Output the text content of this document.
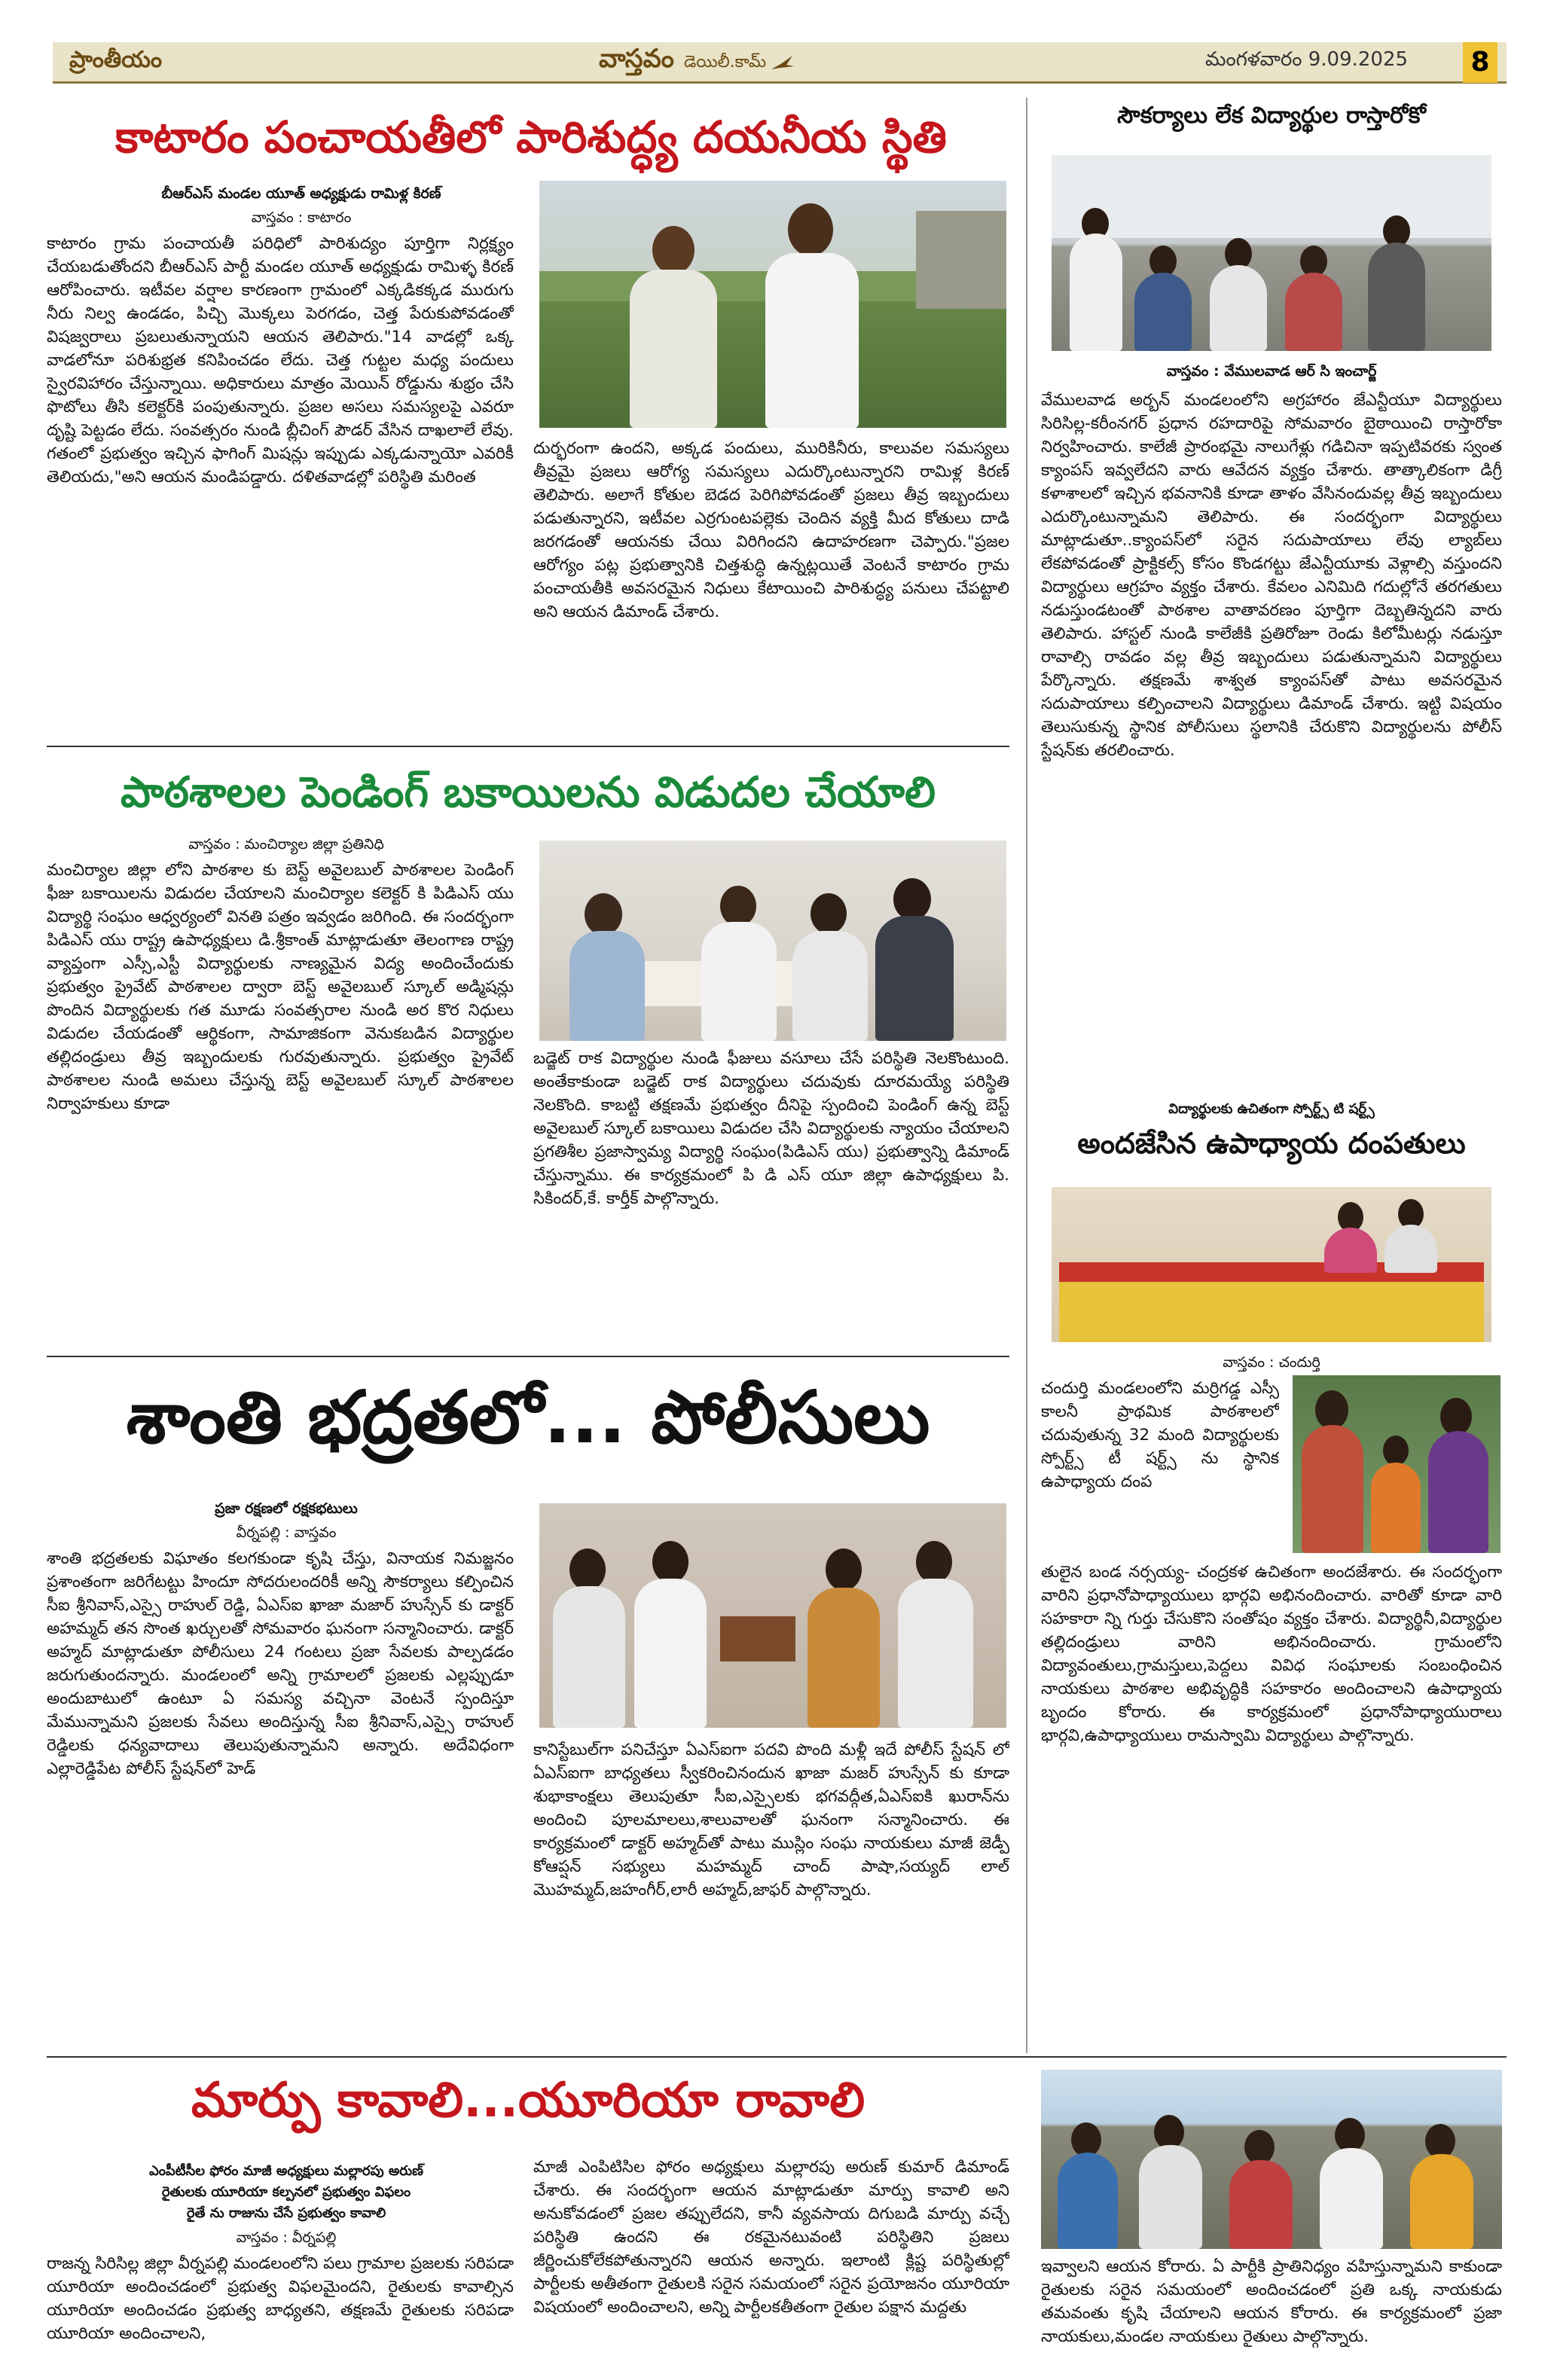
ప్రాంతీయం	వాస్తవం డెయిలీ.కామ్	మంగళవారం 9.09.2025 8
కాటారం పంచాయతీలో పారిశుద్ధ్య దయనీయ స్థితి
బీఆర్ఎస్ మండల యూత్ అధ్యక్షుడు రామిళ్ల కిరణ్
వాస్తవం : కాటారం
కాటారం గ్రామ పంచాయతీ పరిధిలో పారిశుద్యం పూర్తిగా నిర్లక్ష్యం చేయబడుతోందని బీఆర్ఎస్ పార్టీ మండల యూత్ అధ్యక్షుడు రామిళ్ళ కిరణ్ ఆరోపించారు. ఇటీవల వర్షాల కారణంగా గ్రామంలో ఎక్కడికక్కడ మురుగు నీరు నిల్వ ఉండడం, పిచ్చి మొక్కలు పెరగడం, చెత్త పేరుకుపోవడంతో విషజ్వరాలు ప్రబలుతున్నాయని ఆయన తెలిపారు."14 వాడల్లో ఒక్క వాడలోనూ పరిశుభ్రత కనిపించడం లేదు. చెత్త గుట్టల మధ్య పందులు స్వైరవిహారం చేస్తున్నాయి. అధికారులు మాత్రం మెయిన్ రోడ్డును శుభ్రం చేసి ఫొటోలు తీసి కలెక్టర్‌కి పంపుతున్నారు. ప్రజల అసలు సమస్యలపై ఎవరూ దృష్టి పెట్టడం లేదు. సంవత్సరం నుండి బ్లీచింగ్ పౌడర్ వేసిన దాఖలాలే లేవు. గతంలో ప్రభుత్వం ఇచ్చిన ఫాగింగ్ మిషన్లు ఇప్పుడు ఎక్కడున్నాయో ఎవరికీ తెలియదు,"అని ఆయన మండిపడ్డారు. దళితవాడల్లో పరిస్థితి మరింత
దుర్భరంగా ఉందని, అక్కడ పందులు, మురికినీరు, కాలువల సమస్యలు తీవ్రమై ప్రజలు ఆరోగ్య సమస్యలు ఎదుర్కొంటున్నారని రామిళ్ల కిరణ్ తెలిపారు. అలాగే కోతుల బెడద పెరిగిపోవడంతో ప్రజలు తీవ్ర ఇబ్బందులు పడుతున్నారని, ఇటీవల ఎర్రగుంటపల్లెకు చెందిన వ్యక్తి మీద కోతులు దాడి జరగడంతో ఆయనకు చేయి విరిగిందని ఉదాహరణగా చెప్పారు."ప్రజల ఆరోగ్యం పట్ల ప్రభుత్వానికి చిత్తశుద్ధి ఉన్నట్లయితే వెంటనే కాటారం గ్రామ పంచాయతీకి అవసరమైన నిధులు కేటాయించి పారిశుద్ధ్య పనులు చేపట్టాలి అని ఆయన డిమాండ్ చేశారు.
పాఠశాలల పెండింగ్ బకాయిలను విడుదల చేయాలి
వాస్తవం : మంచిర్యాల జిల్లా ప్రతినిధి
మంచిర్యాల జిల్లా లోని పాఠశాల కు బెస్ట్ అవైలబుల్ పాఠశాలల పెండింగ్ ఫీజు బకాయిలను విడుదల చేయాలని మంచిర్యాల కలెక్టర్ కి పిడిఎస్ యు విద్యార్థి సంఘం ఆధ్వర్యంలో వినతి పత్రం ఇవ్వడం జరిగింది. ఈ సందర్భంగా పిడిఎస్ యు రాష్ట్ర ఉపాధ్యక్షులు డి.శ్రీకాంత్ మాట్లాడుతూ తెలంగాణ రాష్ట్ర వ్యాప్తంగా ఎస్సీ,ఎస్టీ విద్యార్థులకు నాణ్యమైన విద్య అందించేందుకు ప్రభుత్వం ప్రైవేట్ పాఠశాలల ద్వారా బెస్ట్ అవైలబుల్ స్కూల్ అడ్మిషన్లు పొందిన విద్యార్థులకు గత మూడు సంవత్సరాల నుండి అర కొర నిధులు విడుదల చేయడంతో ఆర్థికంగా, సామాజికంగా వెనుకబడిన విద్యార్థుల తల్లిదండ్రులు తీవ్ర ఇబ్బందులకు గురవుతున్నారు. ప్రభుత్వం ప్రైవేట్ పాఠశాలల నుండి అమలు చేస్తున్న బెస్ట్ అవైలబుల్ స్కూల్ పాఠశాలల నిర్వాహకులు కూడా
బడ్జెట్ రాక విద్యార్థుల నుండి ఫీజులు వసూలు చేసే పరిస్థితి నెలకొంటుంది. అంతేకాకుండా బడ్జెట్ రాక విద్యార్థులు చదువుకు దూరమయ్యే పరిస్థితి నెలకొంది. కాబట్టి తక్షణమే ప్రభుత్వం దీనిపై స్పందించి పెండింగ్ ఉన్న బెస్ట్ అవైలబుల్ స్కూల్ బకాయిలు విడుదల చేసి విద్యార్థులకు న్యాయం చేయాలని ప్రగతిశీల ప్రజాస్వామ్య విద్యార్థి సంఘం(పిడిఎస్ యు) ప్రభుత్వాన్ని డిమాండ్ చేస్తున్నాము. ఈ కార్యక్రమంలో పి డి ఎస్ యూ జిల్లా ఉపాధ్యక్షులు పి. సికిందర్,కే. కార్తీక్ పాల్గొన్నారు.
శాంతి భద్రతలో... పోలీసులు
ప్రజా రక్షణలో రక్షకభటులు
వీర్నపల్లి : వాస్తవం
శాంతి భద్రతలకు విఘాతం కలగకుండా కృషి చేస్తు, వినాయక నిమజ్జనం ప్రశాంతంగా జరిగేటట్టు హిందూ సోదరులందరికీ అన్ని సౌకర్యాలు కల్పించిన సీఐ శ్రీనివాస్,ఎస్సై రాహుల్ రెడ్డి, ఏఎస్ఐ ఖాజా మజార్ హుస్సేన్ కు డాక్టర్ అహమ్మద్ తన సొంత ఖర్చులతో సోమవారం ఘనంగా సన్మానించారు. డాక్టర్ అహ్మద్ మాట్లాడుతూ పోలీసులు 24 గంటలు ప్రజా సేవలకు పాల్పడడం జరుగుతుందన్నారు. మండలంలో అన్ని గ్రామాలలో ప్రజలకు ఎల్లప్పుడూ అందుబాటులో ఉంటూ ఏ సమస్య వచ్చినా వెంటనే స్పందిస్తూ మేమున్నామని ప్రజలకు సేవలు అందిస్తున్న సీఐ శ్రీనివాస్,ఎస్సై రాహుల్ రెడ్డిలకు ధన్యవాదాలు తెలుపుతున్నామని అన్నారు. అదేవిధంగా ఎల్లారెడ్డిపేట పోలీస్ స్టేషన్‌లో హెడ్
కానిస్టేబుల్‌గా పనిచేస్తూ ఏఎస్ఐగా పదవి పొంది మళ్లీ ఇదే పోలీస్ స్టేషన్ లో ఏఎస్ఐగా బాధ్యతలు స్వీకరించినందున ఖాజా మజర్ హుస్సేన్ కు కూడా శుభాకాంక్షలు తెలుపుతూ సీఐ,ఎస్సైలకు భగవద్గీత,ఏఎస్ఐకి ఖురాన్‌ను అందించి పూలమాలలు,శాలువాలతో ఘనంగా సన్మానించారు. ఈ కార్యక్రమంలో డాక్టర్ అహ్మద్‌తో పాటు ముస్లిం సంఘ నాయకులు మాజీ జెడ్పీ కోఆప్షన్ సభ్యులు మహమ్మద్ చాంద్ పాషా,సయ్యద్ లాల్ మొహమ్మద్,జహంగీర్,లారీ అహ్మద్,జాఫర్ పాల్గొన్నారు.
మార్పు కావాలి...యూరియా రావాలి
ఎంపీటీసీల ఫోరం మాజీ అధ్యక్షులు మల్లారపు అరుణ్
రైతులకు యూరియా కల్పనలో ప్రభుత్వం విఫలం
రైతే ను రాజును చేసే ప్రభుత్వం కావాలి
వాస్తవం : వీర్నపల్లి
రాజన్న సిరిసిల్ల జిల్లా వీర్నపల్లి మండలంలోని పలు గ్రామాల ప్రజలకు సరిపడా యూరియా అందించడంలో ప్రభుత్వ విఫలమైందని, రైతులకు కావాల్సిన యూరియా అందించడం ప్రభుత్వ బాధ్యతని, తక్షణమే రైతులకు సరిపడా యూరియా అందించాలని,
మాజీ ఎంపిటిసిల ఫోరం అధ్యక్షులు మల్లారపు అరుణ్ కుమార్ డిమాండ్ చేశారు. ఈ సందర్భంగా ఆయన మాట్లాడుతూ మార్పు కావాలి అని అనుకోవడంలో ప్రజల తప్పులేదని, కానీ వ్యవసాయ దిగుబడి మార్పు వచ్చే పరిస్థితి ఉందని ఈ రకమైనటువంటి పరిస్థితిని ప్రజలు జీర్ణించుకోలేకపోతున్నారని ఆయన అన్నారు. ఇలాంటి క్లిష్ట పరిస్థితుల్లో పార్టీలకు అతీతంగా రైతులకి సరైన సమయంలో సరైన ప్రయోజనం యూరియా విషయంలో అందించాలని, అన్ని పార్టీలకతీతంగా రైతుల పక్షాన మద్దతు
ఇవ్వాలని ఆయన కోరారు. ఏ పార్టీకి ప్రాతినిధ్యం వహిస్తున్నామని కాకుండా రైతులకు సరైన సమయంలో అందించడంలో ప్రతి ఒక్క నాయకుడు తమవంతు కృషి చేయాలని ఆయన కోరారు. ఈ కార్యక్రమంలో ప్రజా నాయకులు,మండల నాయకులు రైతులు పాల్గొన్నారు.
సౌకర్యాలు లేక విద్యార్థుల రాస్తారోకో
వాస్తవం : వేములవాడ ఆర్ సి ఇంచార్జ్
వేములవాడ అర్బన్ మండలంలోని అగ్రహారం జేఎన్టీయూ విద్యార్థులు సిరిసిల్ల-కరీంనగర్ ప్రధాన రహదారిపై సోమవారం బైఠాయించి రాస్తారోకా నిర్వహించారు. కాలేజీ ప్రారంభమై నాలుగేళ్లు గడిచినా ఇప్పటివరకు స్వంత క్యాంపస్ ఇవ్వలేదని వారు ఆవేదన వ్యక్తం చేశారు. తాత్కాలికంగా డిగ్రీ కళాశాలలో ఇచ్చిన భవనానికి కూడా తాళం వేసినందువల్ల తీవ్ర ఇబ్బందులు ఎదుర్కొంటున్నామని తెలిపారు. ఈ సందర్భంగా విద్యార్థులు మాట్లాడుతూ..క్యాంపస్‌లో సరైన సదుపాయాలు లేవు ల్యాబ్‌లు లేకపోవడంతో ప్రాక్టికల్స్ కోసం కొండగట్టు జేఎన్టీయూకు వెళ్లాల్సి వస్తుందని విద్యార్థులు ఆగ్రహం వ్యక్తం చేశారు. కేవలం ఎనిమిది గదుల్లోనే తరగతులు నడుస్తుండటంతో పాఠశాల వాతావరణం పూర్తిగా దెబ్బతిన్నదని వారు తెలిపారు. హాస్టల్ నుండి కాలేజీకి ప్రతిరోజూ రెండు కిలోమీటర్లు నడుస్తూ రావాల్సి రావడం వల్ల తీవ్ర ఇబ్బందులు పడుతున్నామని విద్యార్థులు పేర్కొన్నారు. తక్షణమే శాశ్వత క్యాంపస్‌తో పాటు అవసరమైన సదుపాయాలు కల్పించాలని విద్యార్థులు డిమాండ్ చేశారు. ఇట్టి విషయం తెలుసుకున్న స్థానిక పోలీసులు స్థలానికి చేరుకొని విద్యార్థులను పోలీస్ స్టేషన్‌కు తరలించారు.
విద్యార్థులకు ఉచితంగా స్పోర్ట్స్ టి షర్ట్స్
అందజేసిన ఉపాధ్యాయ దంపతులు
వాస్తవం : చందుర్తి
చందుర్తి మండలంలోని మర్రిగడ్డ ఎస్సీ కాలనీ ప్రాథమిక పాఠశాలలో చదువుతున్న 32 మంది విద్యార్థులకు స్పోర్ట్స్ టీ షర్ట్స్ ను స్థానిక ఉపాధ్యాయ దంప
తులైన బండ నర్సయ్య- చంద్రకళ ఉచితంగా అందజేశారు. ఈ సందర్భంగా వారిని ప్రధానోపాధ్యాయులు భార్గవి అభినందించారు. వారితో కూడా వారి సహకారా న్ని గుర్తు చేసుకొని సంతోషం వ్యక్తం చేశారు. విద్యార్థినీ,విద్యార్థుల తల్లిదండ్రులు వారిని అభినందించారు. గ్రామంలోని విద్యావంతులు,గ్రామస్తులు,పెద్దలు వివిధ సంఘాలకు సంబంధించిన నాయకులు పాఠశాల అభివృద్ధికి సహకారం అందించాలని ఉపాధ్యాయ బృందం కోరారు. ఈ కార్యక్రమంలో ప్రధానోపాధ్యాయురాలు భార్గవి,ఉపాధ్యాయులు రామస్వామి విద్యార్థులు పాల్గొన్నారు.
